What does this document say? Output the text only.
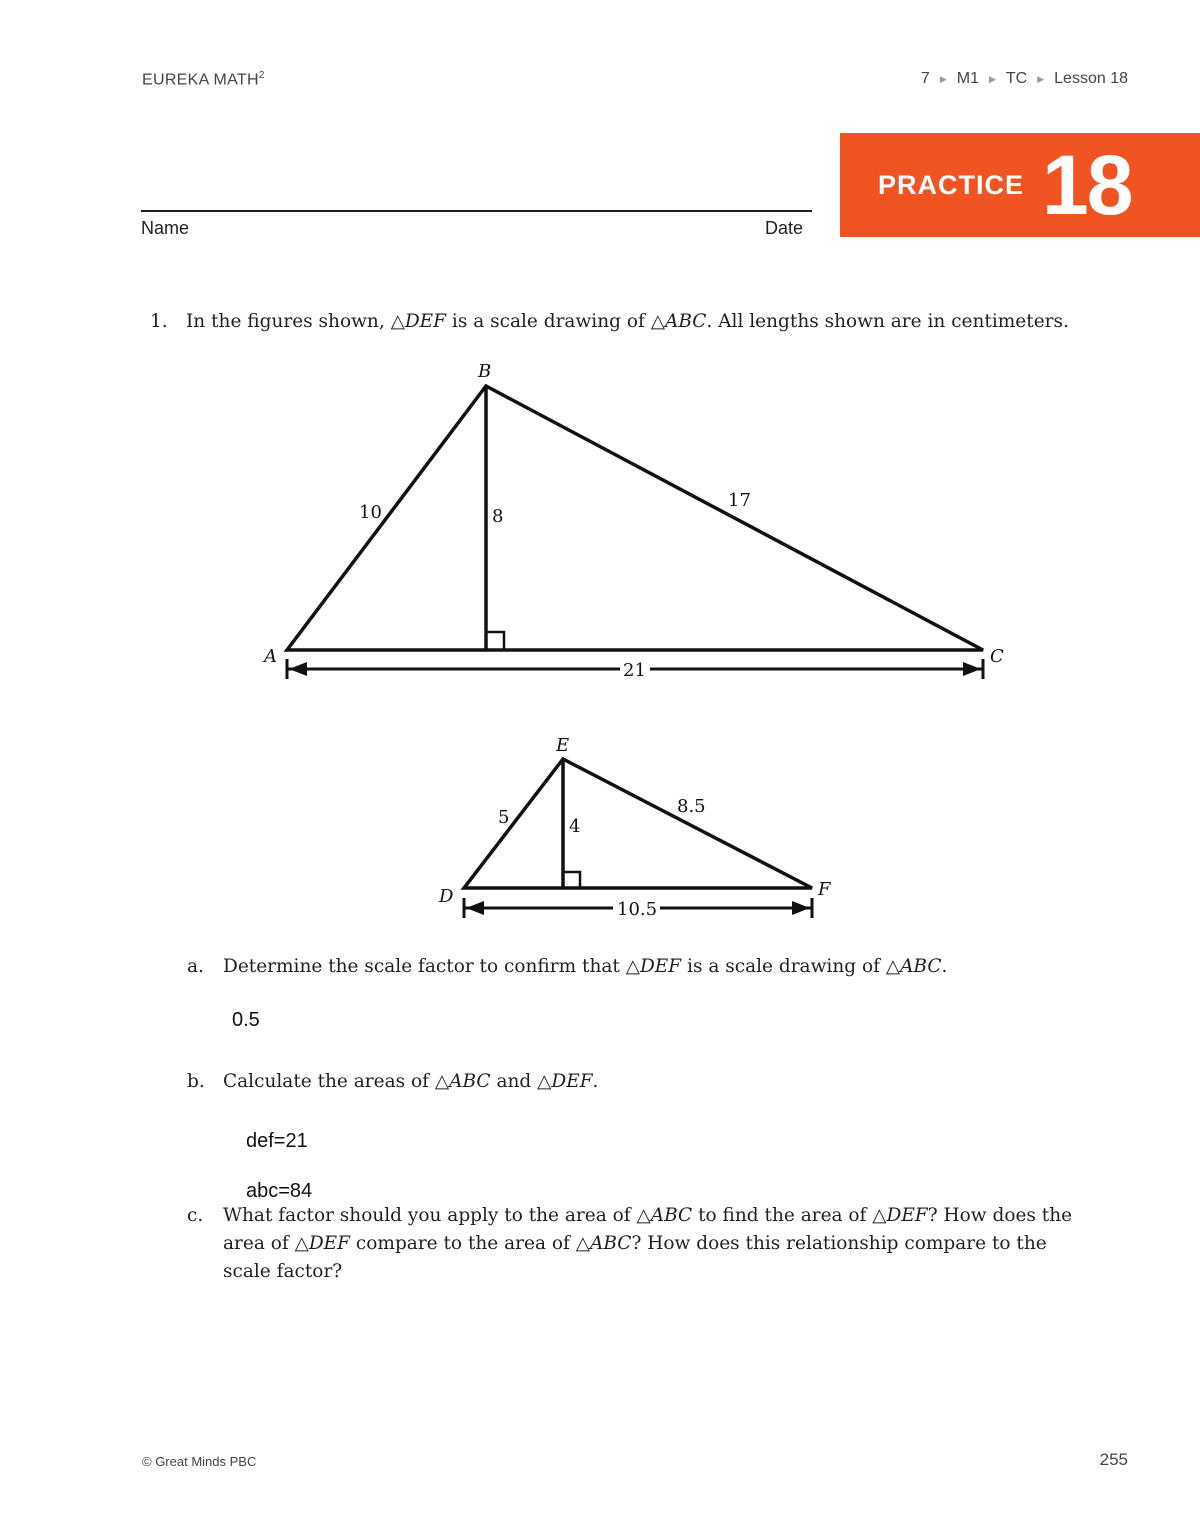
EUREKA MATH$^2$	7 ▶ M1 ▶ TC ▶ Lesson 18
PRACTICE 18
Name	Date
1. In the figures shown, △DEF is a scale drawing of △ABC. All lengths shown are in centimeters.
A
B
C
10	8
17
21
D
E
F
5	4
8.5
10.5
a. Determine the scale factor to confirm that △DEF is a scale drawing of △ABC.
0.5
b. Calculate the areas of △ABC and △DEF.
def=21
abc=84
c. What factor should you apply to the area of △ABC to find the area of △DEF? How does the
area of △DEF compare to the area of △ABC? How does this relationship compare to the
scale factor?
© Great Minds PBC	255
